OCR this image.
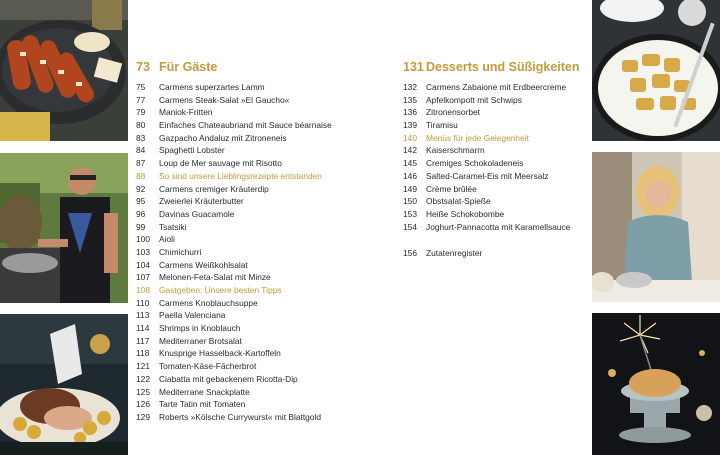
73 Für Gäste
75	Carmens superzartes Lamm
77	Carmens Steak-Salat »El Gaucho«
79	Maniok-Fritten
80	Einfaches Chateaubriand mit Sauce béarnaise
83	Gazpacho Andaluz mit Zitroneneis
84	Spaghetti Lobster
87	Loup de Mer sauvage mit Risotto
88	So sind unsere Lieblingsrezepte entstanden
92	Carmens cremiger Kräuterdip
95	Zweierlei Kräuterbutter
96	Davinas Guacamole
99	Tsatsiki
100	Aioli
103	Chimichurri
104	Carmens Weißkohlsalat
107	Melonen-Feta-Salat mit Minze
108	Gastgeben: Unsere besten Tipps
110	Carmens Knoblauchsuppe
113	Paella Valenciana
114	Shrimps in Knoblauch
117	Mediterraner Brotsalat
118	Knusprige Hasselback-Kartoffeln
121	Tomaten-Käse-Fächerbrot
122	Ciabatta mit gebackenem Ricotta-Dip
125	Mediterrane Snackplatte
126	Tarte Tatin mit Tomaten
129	Roberts »Kölsche Currywurst« mit Blattgold
131 Desserts und Süßigkeiten
132	Carmens Zabaione mit Erdbeercreme
135	Apfelkompott mit Schwips
136	Zitronensorbet
139	Tiramisu
140	Menüs für jede Gelegenheit
142	Kaiserschmarrn
145	Cremiges Schokoladeneis
146	Salted-Caramel-Eis mit Meersalz
149	Crème brûlée
150	Obstsalat-Spieße
153	Heiße Schokobombe
154	Joghurt-Pannacotta mit Karamellsauce
156	Zutatenregister
